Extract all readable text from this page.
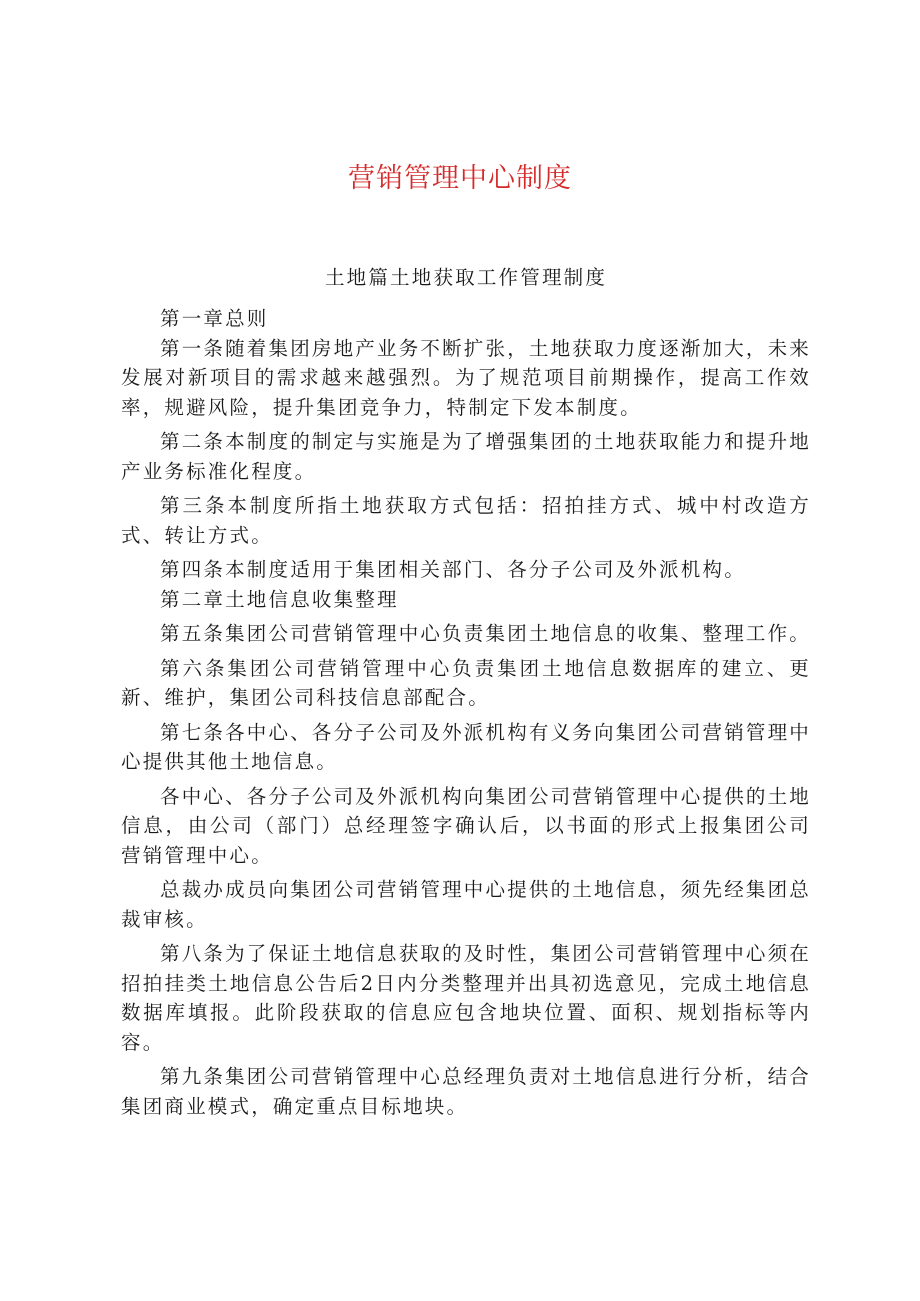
营销管理中心制度
土地篇土地获取工作管理制度

第一章总则

第一条随着集团房地产业务不断扩张，土地获取力度逐渐加大，未来发展对新项目的需求越来越强烈。为了规范项目前期操作，提高工作效率，规避风险，提升集团竞争力，特制定下发本制度。

第二条本制度的制定与实施是为了增强集团的土地获取能力和提升地产业务标准化程度。

第三条本制度所指土地获取方式包括：招拍挂方式、城中村改造方式、转让方式。

第四条本制度适用于集团相关部门、各分子公司及外派机构。

第二章土地信息收集整理

第五条集团公司营销管理中心负责集团土地信息的收集、整理工作。

第六条集团公司营销管理中心负责集团土地信息数据库的建立、更新、维护，集团公司科技信息部配合。

第七条各中心、各分子公司及外派机构有义务向集团公司营销管理中心提供其他土地信息。

各中心、各分子公司及外派机构向集团公司营销管理中心提供的土地信息，由公司（部门）总经理签字确认后，以书面的形式上报集团公司营销管理中心。

总裁办成员向集团公司营销管理中心提供的土地信息，须先经集团总裁审核。

第八条为了保证土地信息获取的及时性，集团公司营销管理中心须在招拍挂类土地信息公告后2日内分类整理并出具初选意见，完成土地信息数据库填报。此阶段获取的信息应包含地块位置、面积、规划指标等内容。

第九条集团公司营销管理中心总经理负责对土地信息进行分析，结合集团商业模式，确定重点目标地块。
